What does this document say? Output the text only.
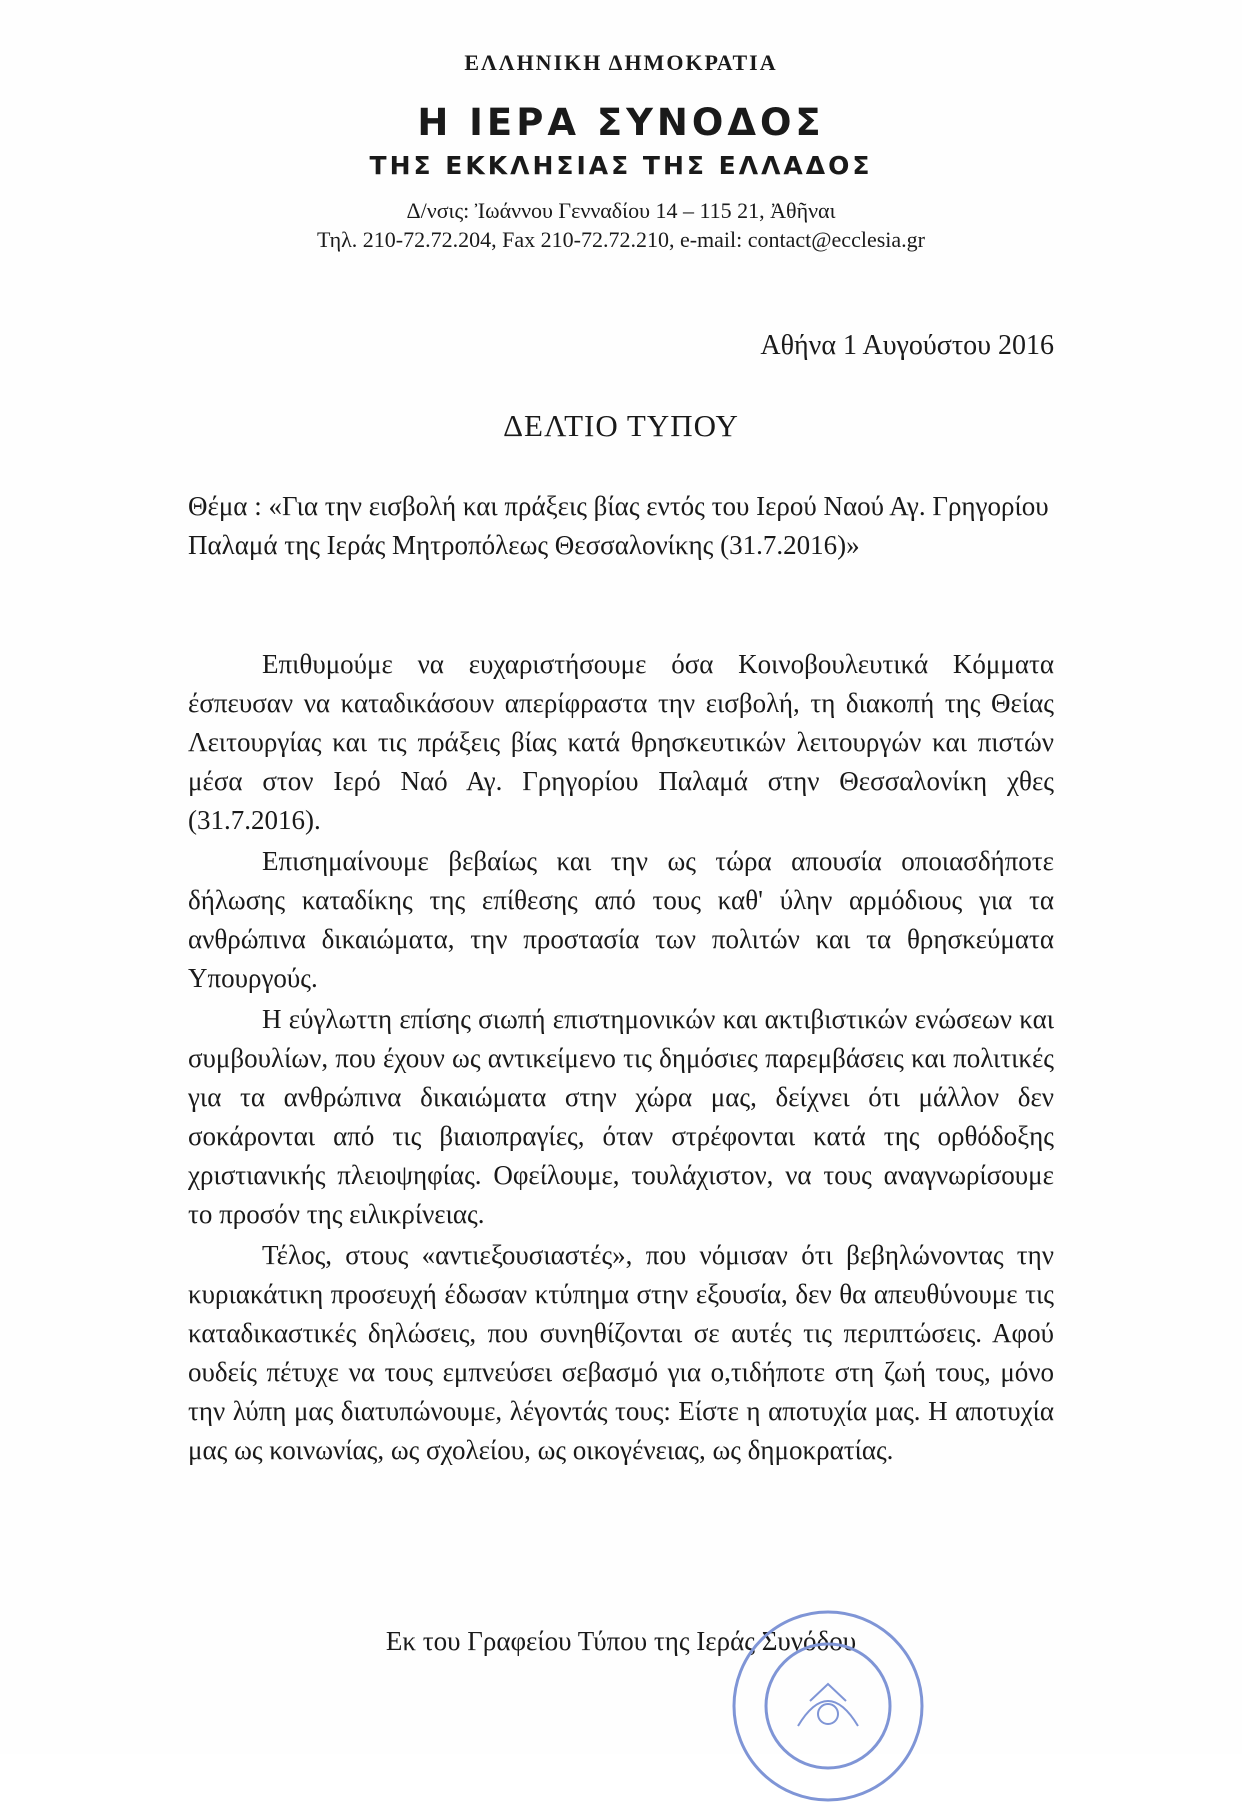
ΕΛΛΗΝΙΚΗ ΔΗΜΟΚΡΑΤΙΑ
Η ΙΕΡΑ ΣΥΝΟΔΟΣ
ΤΗΣ ΕΚΚΛΗΣΙΑΣ ΤΗΣ ΕΛΛΑΔΟΣ
Δ/νσις: Ἰωάννου Γενναδίου 14 – 115 21, Ἀθῆναι
Τηλ. 210-72.72.204, Fax 210-72.72.210, e-mail: contact@ecclesia.gr
Αθήνα 1 Αυγούστου 2016
ΔΕΛΤΙΟ ΤΥΠΟΥ
Θέμα : «Για την εισβολή και πράξεις βίας εντός του Ιερού Ναού Αγ. Γρηγορίου Παλαμά της Ιεράς Μητροπόλεως Θεσσαλονίκης (31.7.2016)»

Επιθυμούμε να ευχαριστήσουμε όσα Κοινοβουλευτικά Κόμματα έσπευσαν να καταδικάσουν απερίφραστα την εισβολή, τη διακοπή της Θείας Λειτουργίας και τις πράξεις βίας κατά θρησκευτικών λειτουργών και πιστών μέσα στον Ιερό Ναό Αγ. Γρηγορίου Παλαμά στην Θεσσαλονίκη χθες (31.7.2016).

Επισημαίνουμε βεβαίως και την ως τώρα απουσία οποιασδήποτε δήλωσης καταδίκης της επίθεσης από τους καθ' ύλην αρμόδιους για τα ανθρώπινα δικαιώματα, την προστασία των πολιτών και τα θρησκεύματα Υπουργούς.

Η εύγλωττη επίσης σιωπή επιστημονικών και ακτιβιστικών ενώσεων και συμβουλίων, που έχουν ως αντικείμενο τις δημόσιες παρεμβάσεις και πολιτικές για τα ανθρώπινα δικαιώματα στην χώρα μας, δείχνει ότι μάλλον δεν σοκάρονται από τις βιαιοπραγίες, όταν στρέφονται κατά της ορθόδοξης χριστιανικής πλειοψηφίας. Οφείλουμε, τουλάχιστον, να τους αναγνωρίσουμε το προσόν της ειλικρίνειας.

Τέλος, στους «αντιεξουσιαστές», που νόμισαν ότι βεβηλώνοντας την κυριακάτικη προσευχή έδωσαν κτύπημα στην εξουσία, δεν θα απευθύνουμε τις καταδικαστικές δηλώσεις, που συνηθίζονται σε αυτές τις περιπτώσεις. Αφού ουδείς πέτυχε να τους εμπνεύσει σεβασμό για ο,τιδήποτε στη ζωή τους, μόνο την λύπη μας διατυπώνουμε, λέγοντάς τους: Είστε η αποτυχία μας. Η αποτυχία μας ως κοινωνίας, ως σχολείου, ως οικογένειας, ως δημοκρατίας.

Εκ του Γραφείου Τύπου της Ιεράς Συνόδου
